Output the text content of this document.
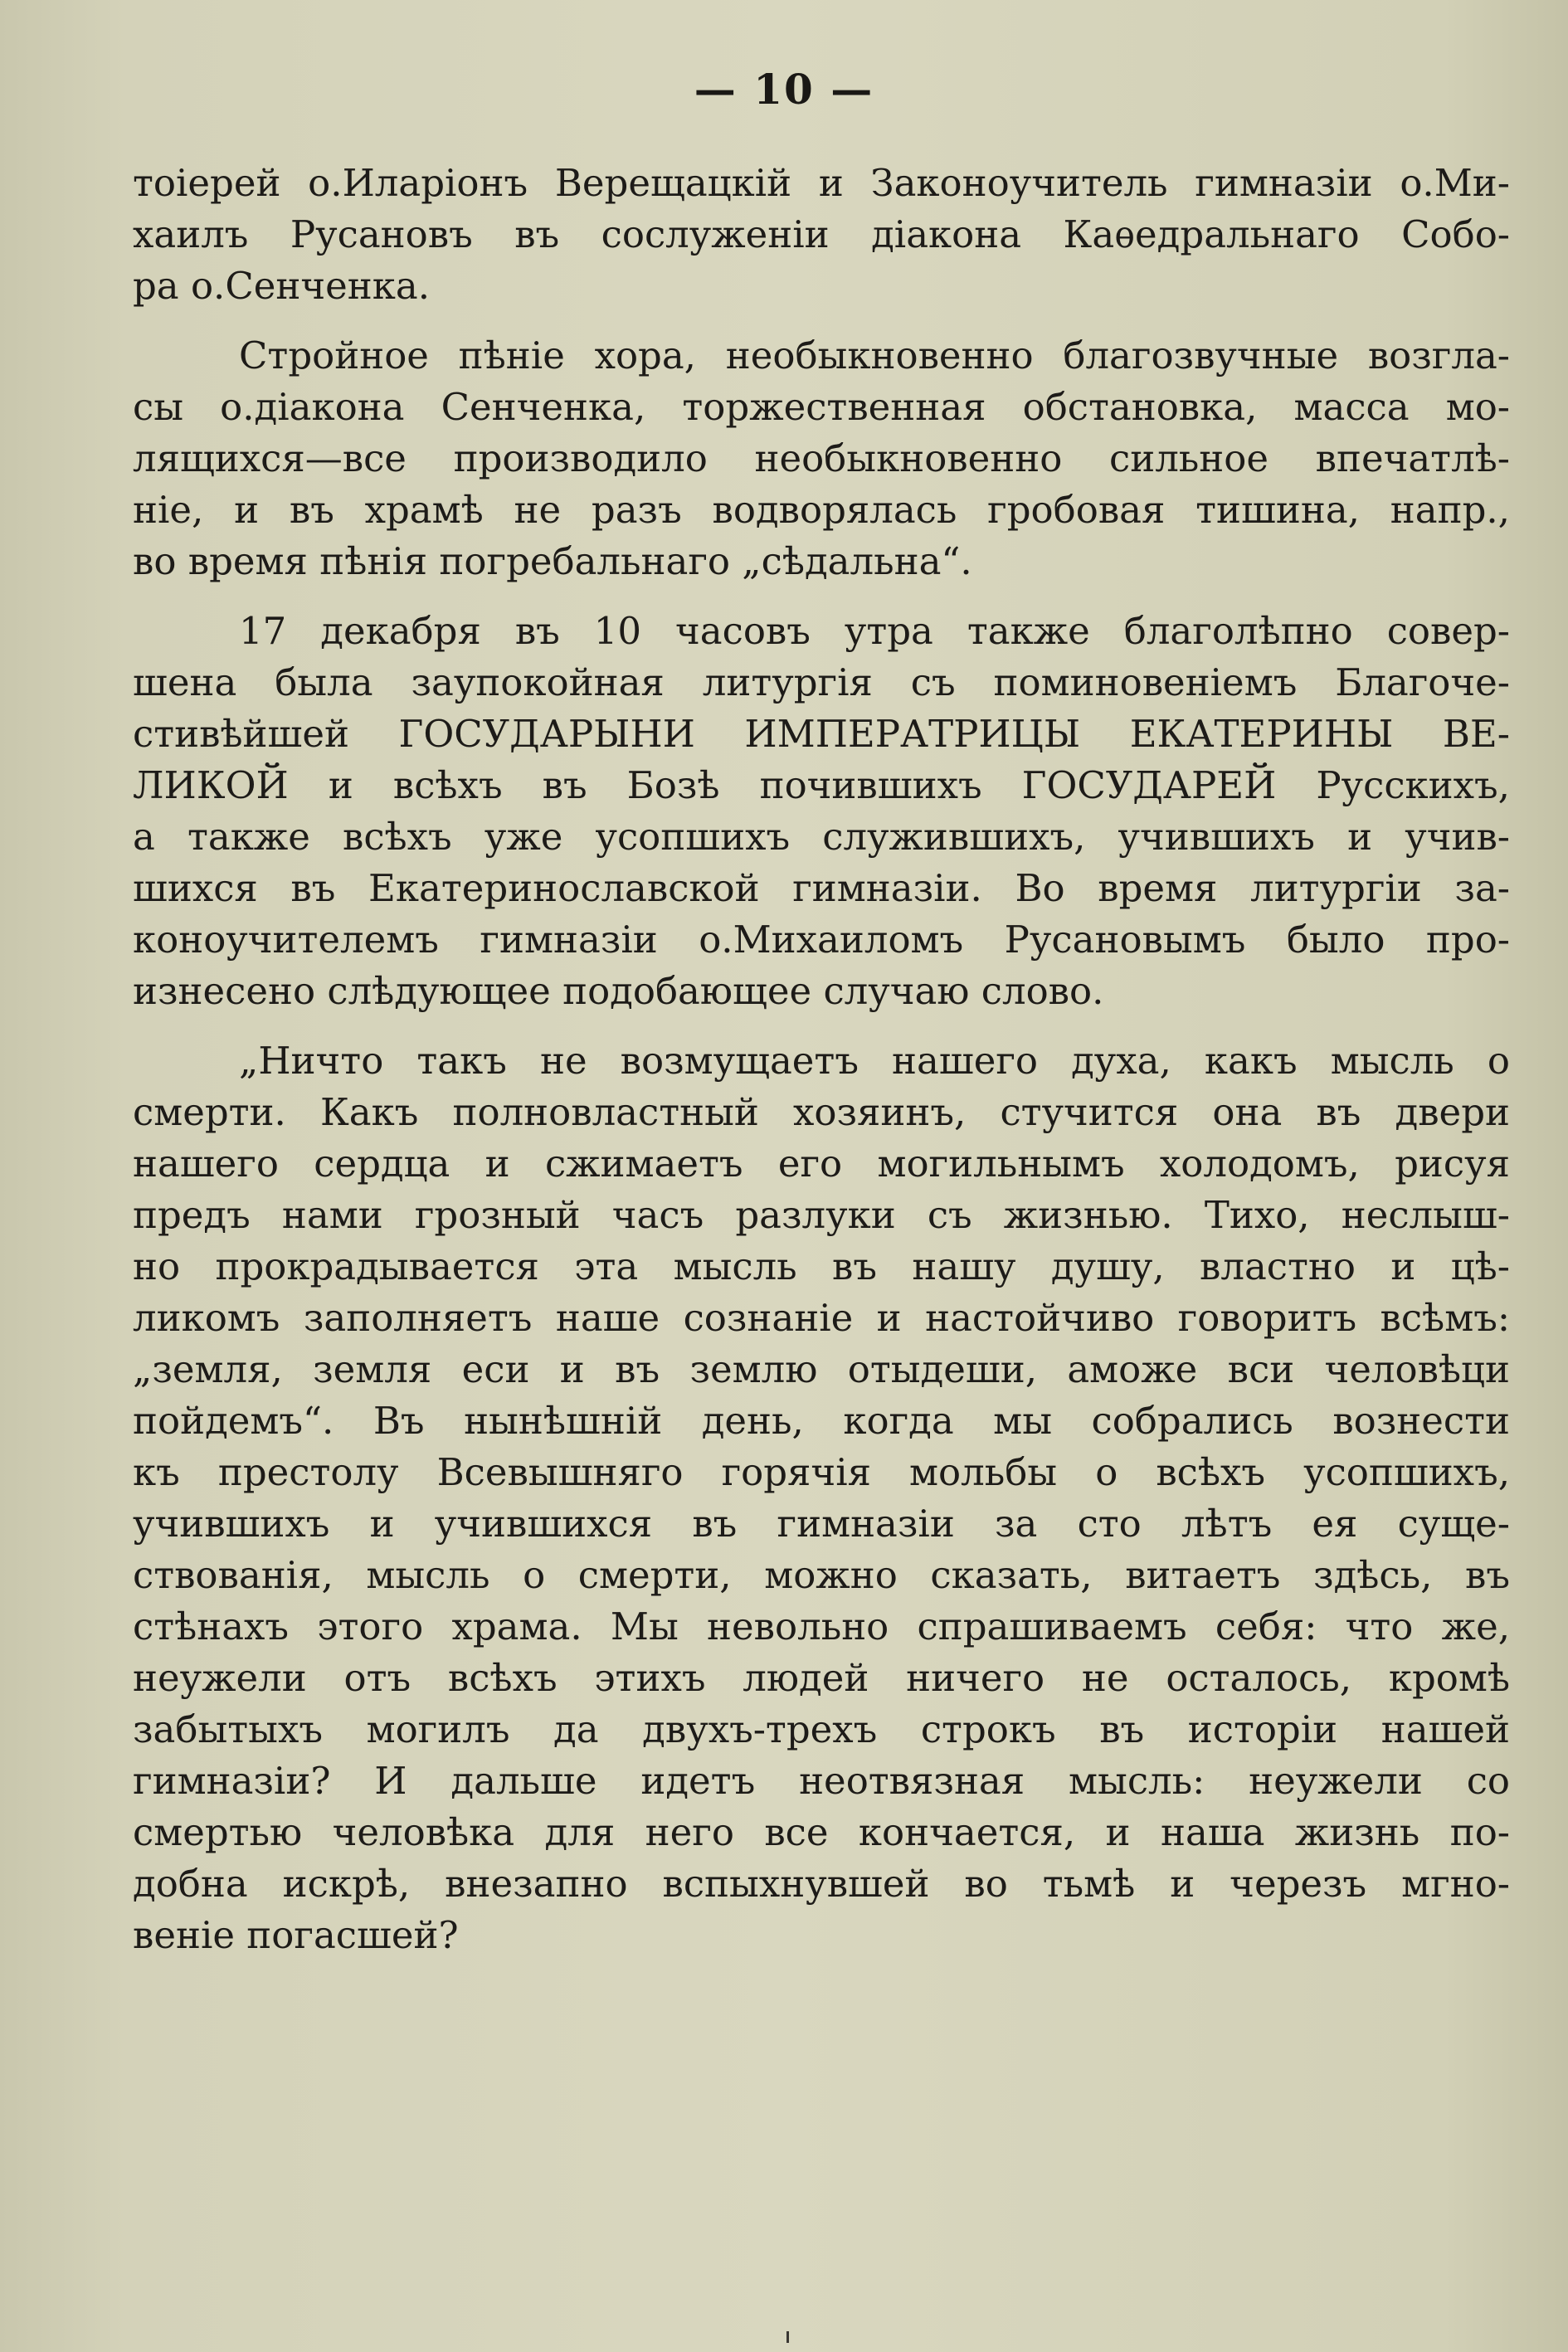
— 10 —
тоіерей о.Иларіонъ Верещацкій и Законоучитель гимназіи о.Ми-
хаилъ Русановъ въ сослуженіи діакона Каѳедральнаго Собо-
ра о.Сенченка.
Стройное пѣніе хора, необыкновенно благозвучные возгла-
сы о.діакона Сенченка, торжественная обстановка, масса мо-
лящихся—все производило необыкновенно сильное впечатлѣ-
ніе, и въ храмѣ не разъ водворялась гробовая тишина, напр.,
во время пѣнія погребальнаго „сѣдальна“.
17 декабря въ 10 часовъ утра также благолѣпно совер-
шена была заупокойная литургія съ поминовеніемъ Благоче-
стивѣйшей ГОСУДАРЫНИ ИМПЕРАТРИЦЫ ЕКАТЕРИНЫ ВЕ-
ЛИКОЙ и всѣхъ въ Бозѣ почившихъ ГОСУДАРЕЙ Русскихъ,
а также всѣхъ уже усопшихъ служившихъ, учившихъ и учив-
шихся въ Екатеринославской гимназіи. Во время литургіи за-
коноучителемъ гимназіи о.Михаиломъ Русановымъ было про-
изнесено слѣдующее подобающее случаю слово.
„Ничто такъ не возмущаетъ нашего духа, какъ мысль о
смерти. Какъ полновластный хозяинъ, стучится она въ двери
нашего сердца и сжимаетъ его могильнымъ холодомъ, рисуя
предъ нами грозный часъ разлуки съ жизнью. Тихо, неслыш-
но прокрадывается эта мысль въ нашу душу, властно и цѣ-
ликомъ заполняетъ наше сознаніе и настойчиво говоритъ всѣмъ:
„земля, земля еси и въ землю отыдеши, аможе вси человѣци
пойдемъ“. Въ нынѣшній день, когда мы собрались вознести
къ престолу Всевышняго горячія мольбы о всѣхъ усопшихъ,
учившихъ и учившихся въ гимназіи за сто лѣтъ ея суще-
ствованія, мысль о смерти, можно сказать, витаетъ здѣсь, въ
стѣнахъ этого храма. Мы невольно спрашиваемъ себя: что же,
неужели отъ всѣхъ этихъ людей ничего не осталось, кромѣ
забытыхъ могилъ да двухъ-трехъ строкъ въ исторіи нашей
гимназіи? И дальше идетъ неотвязная мысль: неужели со
смертью человѣка для него все кончается, и наша жизнь по-
добна искрѣ, внезапно вспыхнувшей во тьмѣ и черезъ мгно-
веніе погасшей?
